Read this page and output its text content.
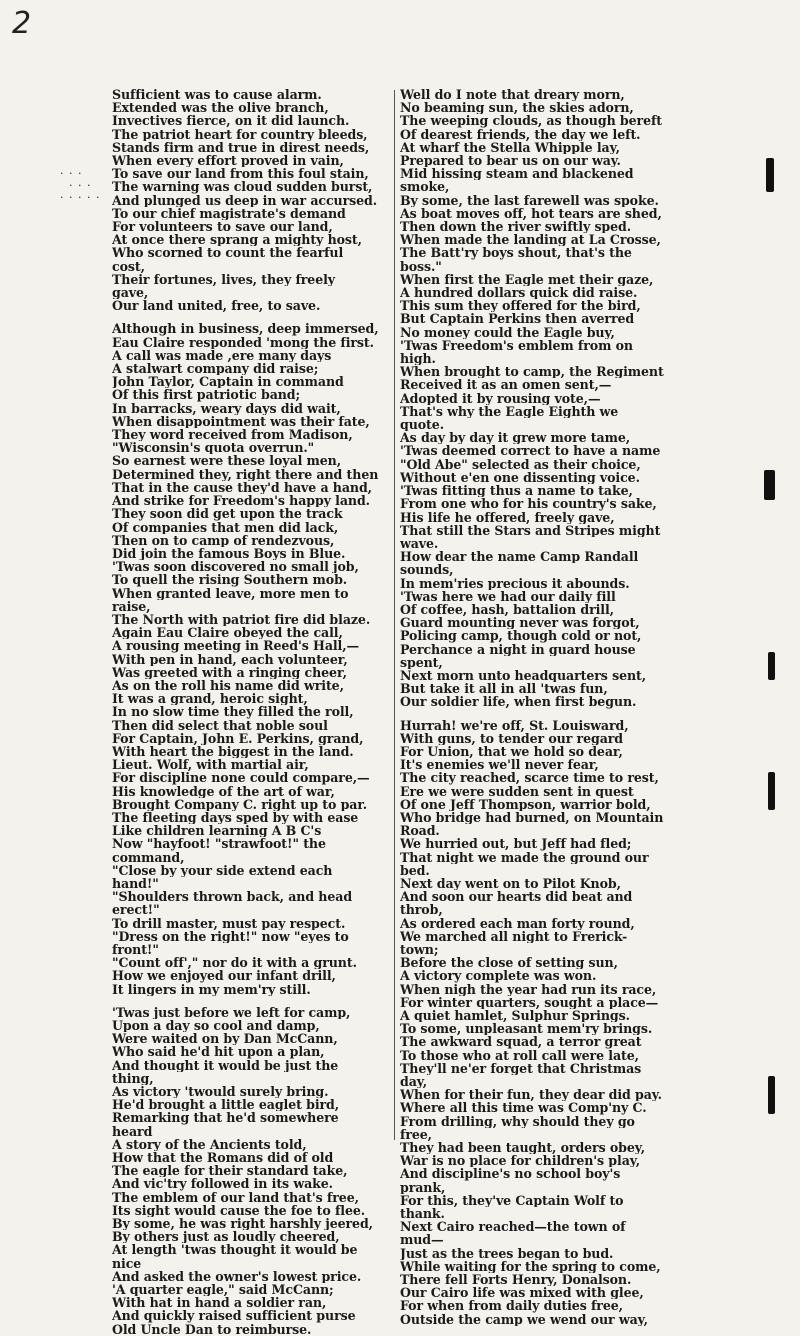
2
· · ·
· · ·
· · · · ·
Sufficient was to cause alarm.
Extended was the olive branch,
Invectives fierce, on it did launch.
The patriot heart for country bleeds,
Stands firm and true in direst needs,
When every effort proved in vain,
To save our land from this foul stain,
The warning was cloud sudden burst,
And plunged us deep in war accursed.
To our chief magistrate's demand
For volunteers to save our land,
At once there sprang a mighty host,
Who scorned to count the fearful
cost,
Their fortunes, lives, they freely
gave,
Our land united, free, to save.
Although in business, deep immersed,
Eau Claire responded 'mong the first.
A call was made ,ere many days
A stalwart company did raise;
John Taylor, Captain in command
Of this first patriotic band;
In barracks, weary days did wait,
When disappointment was their fate,
They word received from Madison,
"Wisconsin's quota overrun."
So earnest were these loyal men,
Determined they, right there and then
That in the cause they'd have a hand,
And strike for Freedom's happy land.
They soon did get upon the track
Of companies that men did lack,
Then on to camp of rendezvous,
Did join the famous Boys in Blue.
'Twas soon discovered no small job,
To quell the rising Southern mob.
When granted leave, more men to
raise,
The North with patriot fire did blaze.
Again Eau Claire obeyed the call,
A rousing meeting in Reed's Hall,—
With pen in hand, each volunteer,
Was greeted with a ringing cheer,
As on the roll his name did write,
It was a grand, heroic sight,
In no slow time they filled the roll,
Then did select that noble soul
For Captain, John E. Perkins, grand,
With heart the biggest in the land.
Lieut. Wolf, with martial air,
For discipline none could compare,—
His knowledge of the art of war,
Brought Company C. right up to par.
The fleeting days sped by with ease
Like children learning A B C's
Now "hayfoot! "strawfoot!" the
command,
"Close by your side extend each
hand!"
"Shoulders thrown back, and head
erect!"
To drill master, must pay respect.
"Dress on the right!" now "eyes to
front!"
"Count off'," nor do it with a grunt.
How we enjoyed our infant drill,
It lingers in my mem'ry still.
'Twas just before we left for camp,
Upon a day so cool and damp,
Were waited on by Dan McCann,
Who said he'd hit upon a plan,
And thought it would be just the
thing,
As victory 'twould surely bring.
He'd brought a little eaglet bird,
Remarking that he'd somewhere
heard
A story of the Ancients told,
How that the Romans did of old
The eagle for their standard take,
And vic'try followed in its wake.
The emblem of our land that's free,
Its sight would cause the foe to flee.
By some, he was right harshly jeered,
By others just as loudly cheered,
At length 'twas thought it would be
nice
And asked the owner's lowest price.
'A quarter eagle," said McCann;
With hat in hand a soldier ran,
And quickly raised sufficient purse
Old Uncle Dan to reimburse.
Well do I note that dreary morn,
No beaming sun, the skies adorn,
The weeping clouds, as though bereft
Of dearest friends, the day we left.
At wharf the Stella Whipple lay,
Prepared to bear us on our way.
Mid hissing steam and blackened
smoke,
By some, the last farewell was spoke.
As boat moves off, hot tears are shed,
Then down the river swiftly sped.
When made the landing at La Crosse,
The Batt'ry boys shout, that's the
boss."
When first the Eagle met their gaze,
A hundred dollars quick did raise.
This sum they offered for the bird,
But Captain Perkins then averred
No money could the Eagle buy,
'Twas Freedom's emblem from on
high.
When brought to camp, the Regiment
Received it as an omen sent,—
Adopted it by rousing vote,—
That's why the Eagle Eighth we
quote.
As day by day it grew more tame,
'Twas deemed correct to have a name
"Old Abe" selected as their choice,
Without e'en one dissenting voice.
'Twas fitting thus a name to take,
From one who for his country's sake,
His life he offered, freely gave,
That still the Stars and Stripes might
wave.
How dear the name Camp Randall
sounds,
In mem'ries precious it abounds.
'Twas here we had our daily fill
Of coffee, hash, battalion drill,
Guard mounting never was forgot,
Policing camp, though cold or not,
Perchance a night in guard house
spent,
Next morn unto headquarters sent,
But take it all in all 'twas fun,
Our soldier life, when first begun.
Hurrah! we're off, St. Louisward,
With guns, to tender our regard
For Union, that we hold so dear,
It's enemies we'll never fear,
The city reached, scarce time to rest,
Ere we were sudden sent in quest
Of one Jeff Thompson, warrior bold,
Who bridge had burned, on Mountain
Road.
We hurried out, but Jeff had fled;
That night we made the ground our
bed.
Next day went on to Pilot Knob,
And soon our hearts did beat and
throb,
As ordered each man forty round,
We marched all night to Frerick-
town;
Before the close of setting sun,
A victory complete was won.
When nigh the year had run its race,
For winter quarters, sought a place—
A quiet hamlet, Sulphur Springs.
To some, unpleasant mem'ry brings.
The awkward squad, a terror great
To those who at roll call were late,
They'll ne'er forget that Christmas
day,
When for their fun, they dear did pay.
Where all this time was Comp'ny C.
From drilling, why should they go
free,
They had been taught, orders obey,
War is no place for children's play,
And discipline's no school boy's
prank,
For this, they've Captain Wolf to
thank.
Next Cairo reached—the town of
mud—
Just as the trees began to bud.
While waiting for the spring to come,
There fell Forts Henry, Donalson.
Our Cairo life was mixed with glee,
For when from daily duties free,
Outside the camp we wend our way,
